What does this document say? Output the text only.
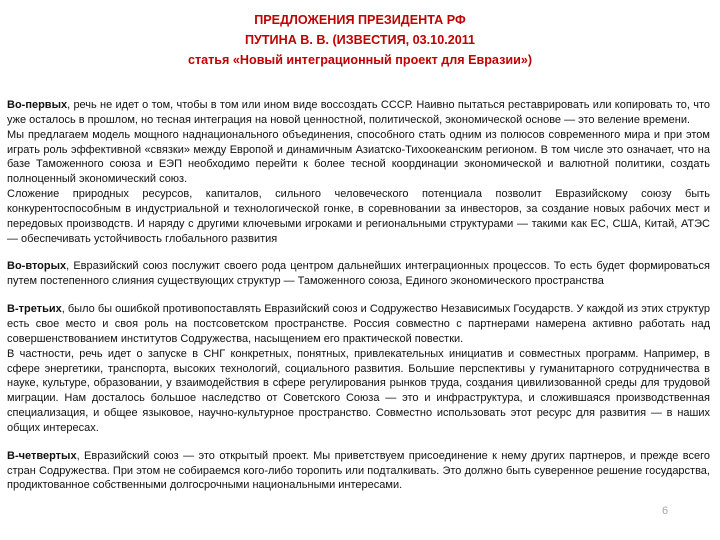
ПРЕДЛОЖЕНИЯ ПРЕЗИДЕНТА РФ
ПУТИНА В. В. (ИЗВЕСТИЯ, 03.10.2011
статья «Новый интеграционный проект для Евразии»)

Во-первых, речь не идет о том, чтобы в том или ином виде воссоздать СССР. Наивно пытаться реставрировать или копировать то, что уже осталось в прошлом, но тесная интеграция на новой ценностной, политической, экономической основе — это веление времени.

Мы предлагаем модель мощного наднационального объединения, способного стать одним из полюсов современного мира и при этом играть роль эффективной «связки» между Европой и динамичным Азиатско-Тихоокеанским регионом. В том числе это означает, что на базе Таможенного союза и ЕЭП необходимо перейти к более тесной координации экономической и валютной политики, создать полноценный экономический союз.

Сложение природных ресурсов, капиталов, сильного человеческого потенциала позволит Евразийскому союзу быть конкурентоспособным в индустриальной и технологической гонке, в соревновании за инвесторов, за создание новых рабочих мест и передовых производств. И наряду с другими ключевыми игроками и региональными структурами — такими как ЕС, США, Китай, АТЭС — обеспечивать устойчивость глобального развития

Во-вторых, Евразийский союз послужит своего рода центром дальнейших интеграционных процессов. То есть будет формироваться путем постепенного слияния существующих структур — Таможенного союза, Единого экономического пространства

В-третьих, было бы ошибкой противопоставлять Евразийский союз и Содружество Независимых Государств. У каждой из этих структур есть свое место и своя роль на постсоветском пространстве. Россия совместно с партнерами намерена активно работать над совершенствованием институтов Содружества, насыщением его практической повестки.

В частности, речь идет о запуске в СНГ конкретных, понятных, привлекательных инициатив и совместных программ. Например, в сфере энергетики, транспорта, высоких технологий, социального развития. Большие перспективы у гуманитарного сотрудничества в науке, культуре, образовании, у взаимодействия в сфере регулирования рынков труда, создания цивилизованной среды для трудовой миграции. Нам досталось большое наследство от Советского Союза — это и инфраструктура, и сложившаяся производственная специализация, и общее языковое, научно-культурное пространство. Совместно использовать этот ресурс для развития — в наших общих интересах.

В-четвертых, Евразийский союз — это открытый проект. Мы приветствуем присоединение к нему других партнеров, и прежде всего стран Содружества. При этом не собираемся кого-либо торопить или подталкивать. Это должно быть суверенное решение государства, продиктованное собственными долгосрочными национальными интересами.

6
